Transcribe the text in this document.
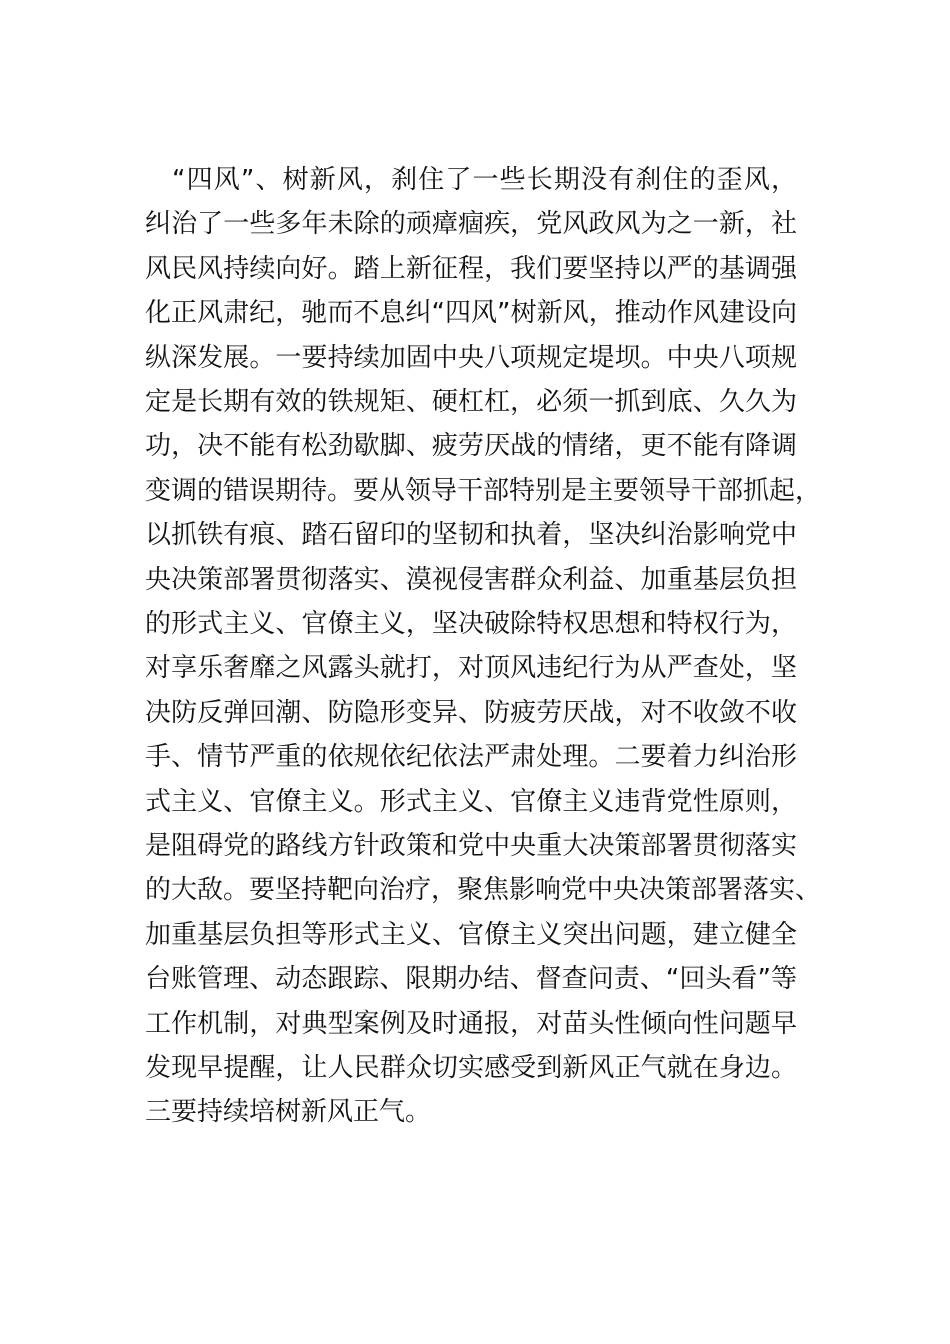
“四风”、树新风，刹住了一些长期没有刹住的歪风，
纠治了一些多年未除的顽瘴痼疾，党风政风为之一新，社
风民风持续向好。踏上新征程，我们要坚持以严的基调强
化正风肃纪，驰而不息纠“四风”树新风，推动作风建设向
纵深发展。一要持续加固中央八项规定堤坝。中央八项规
定是长期有效的铁规矩、硬杠杠，必须一抓到底、久久为
功，决不能有松劲歇脚、疲劳厌战的情绪，更不能有降调
变调的错误期待。要从领导干部特别是主要领导干部抓起，
以抓铁有痕、踏石留印的坚韧和执着，坚决纠治影响党中
央决策部署贯彻落实、漠视侵害群众利益、加重基层负担
的形式主义、官僚主义，坚决破除特权思想和特权行为，
对享乐奢靡之风露头就打，对顶风违纪行为从严查处，坚
决防反弹回潮、防隐形变异、防疲劳厌战，对不收敛不收
手、情节严重的依规依纪依法严肃处理。二要着力纠治形
式主义、官僚主义。形式主义、官僚主义违背党性原则，
是阻碍党的路线方针政策和党中央重大决策部署贯彻落实
的大敌。要坚持靶向治疗，聚焦影响党中央决策部署落实、
加重基层负担等形式主义、官僚主义突出问题，建立健全
台账管理、动态跟踪、限期办结、督查问责、“回头看”等
工作机制，对典型案例及时通报，对苗头性倾向性问题早
发现早提醒，让人民群众切实感受到新风正气就在身边。
三要持续培树新风正气。
